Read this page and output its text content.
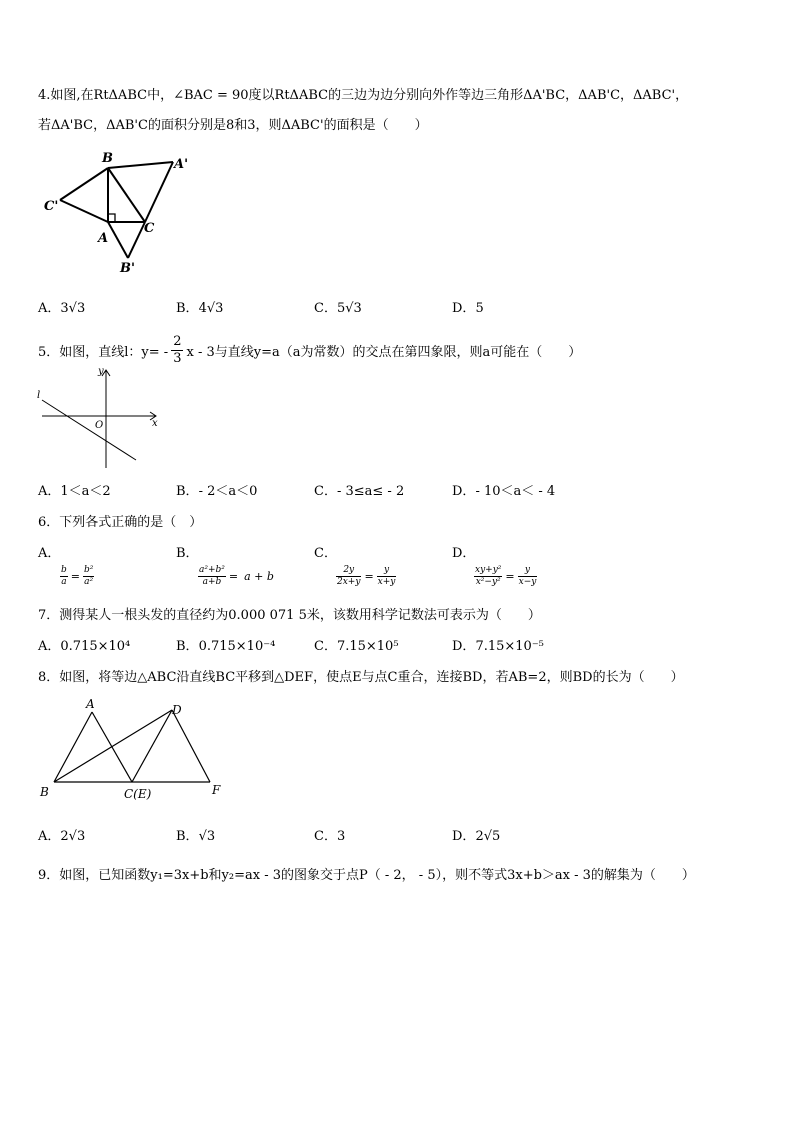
4.如图,在RtΔABC中，∠BAC = 90度以RtΔABC的三边为边分别向外作等边三角形ΔA'BC，ΔAB'C，ΔABC'，
若ΔA'BC，ΔAB'C的面积分别是8和3，则ΔABC'的面积是（　　）
B	A'
C'
A
C
B'
A．3√3	B．4√3	C．5√3	D．5
5．如图，直线l：$y= - \frac{2}{3}$ x - 3与直线y=a（a为常数）的交点在第四象限，则a可能在（　　）
l
y
O	x
A．1＜a＜2	B．- 2＜a＜0	C．- 3≤a≤ - 2	D．- 10＜a＜ - 4
6．下列各式正确的是（　）
A．
$\frac{b}{a} = \frac{\text{b²}}{\text{a²}}$
B．
$\frac{\text{a²+b²}}{a+b} = a + b$
C．
$\frac{2y}{2x+y} = \frac{y}{x+y}$
D．
$\frac{\text{xy+y²}}{\text{x²−y²}} = \frac{y}{x-y}$
7．测得某人一根头发的直径约为0.000 071 5米，该数用科学记数法可表示为（　　）
A．0.715×10⁴	B．0.715×10⁻⁴	C．7.15×10⁵	D．7.15×10⁻⁵
8．如图，将等边△ABC沿直线BC平移到△DEF，使点E与点C重合，连接BD，若AB=2，则BD的长为（　　）
A	D
B	C(E)	F
A．2√3	B．√3	C．3	D．2√5
9．如图，已知函数y₁=3x+b和y₂=ax - 3的图象交于点P（ - 2， - 5），则不等式3x+b＞ax - 3的解集为（　　）
